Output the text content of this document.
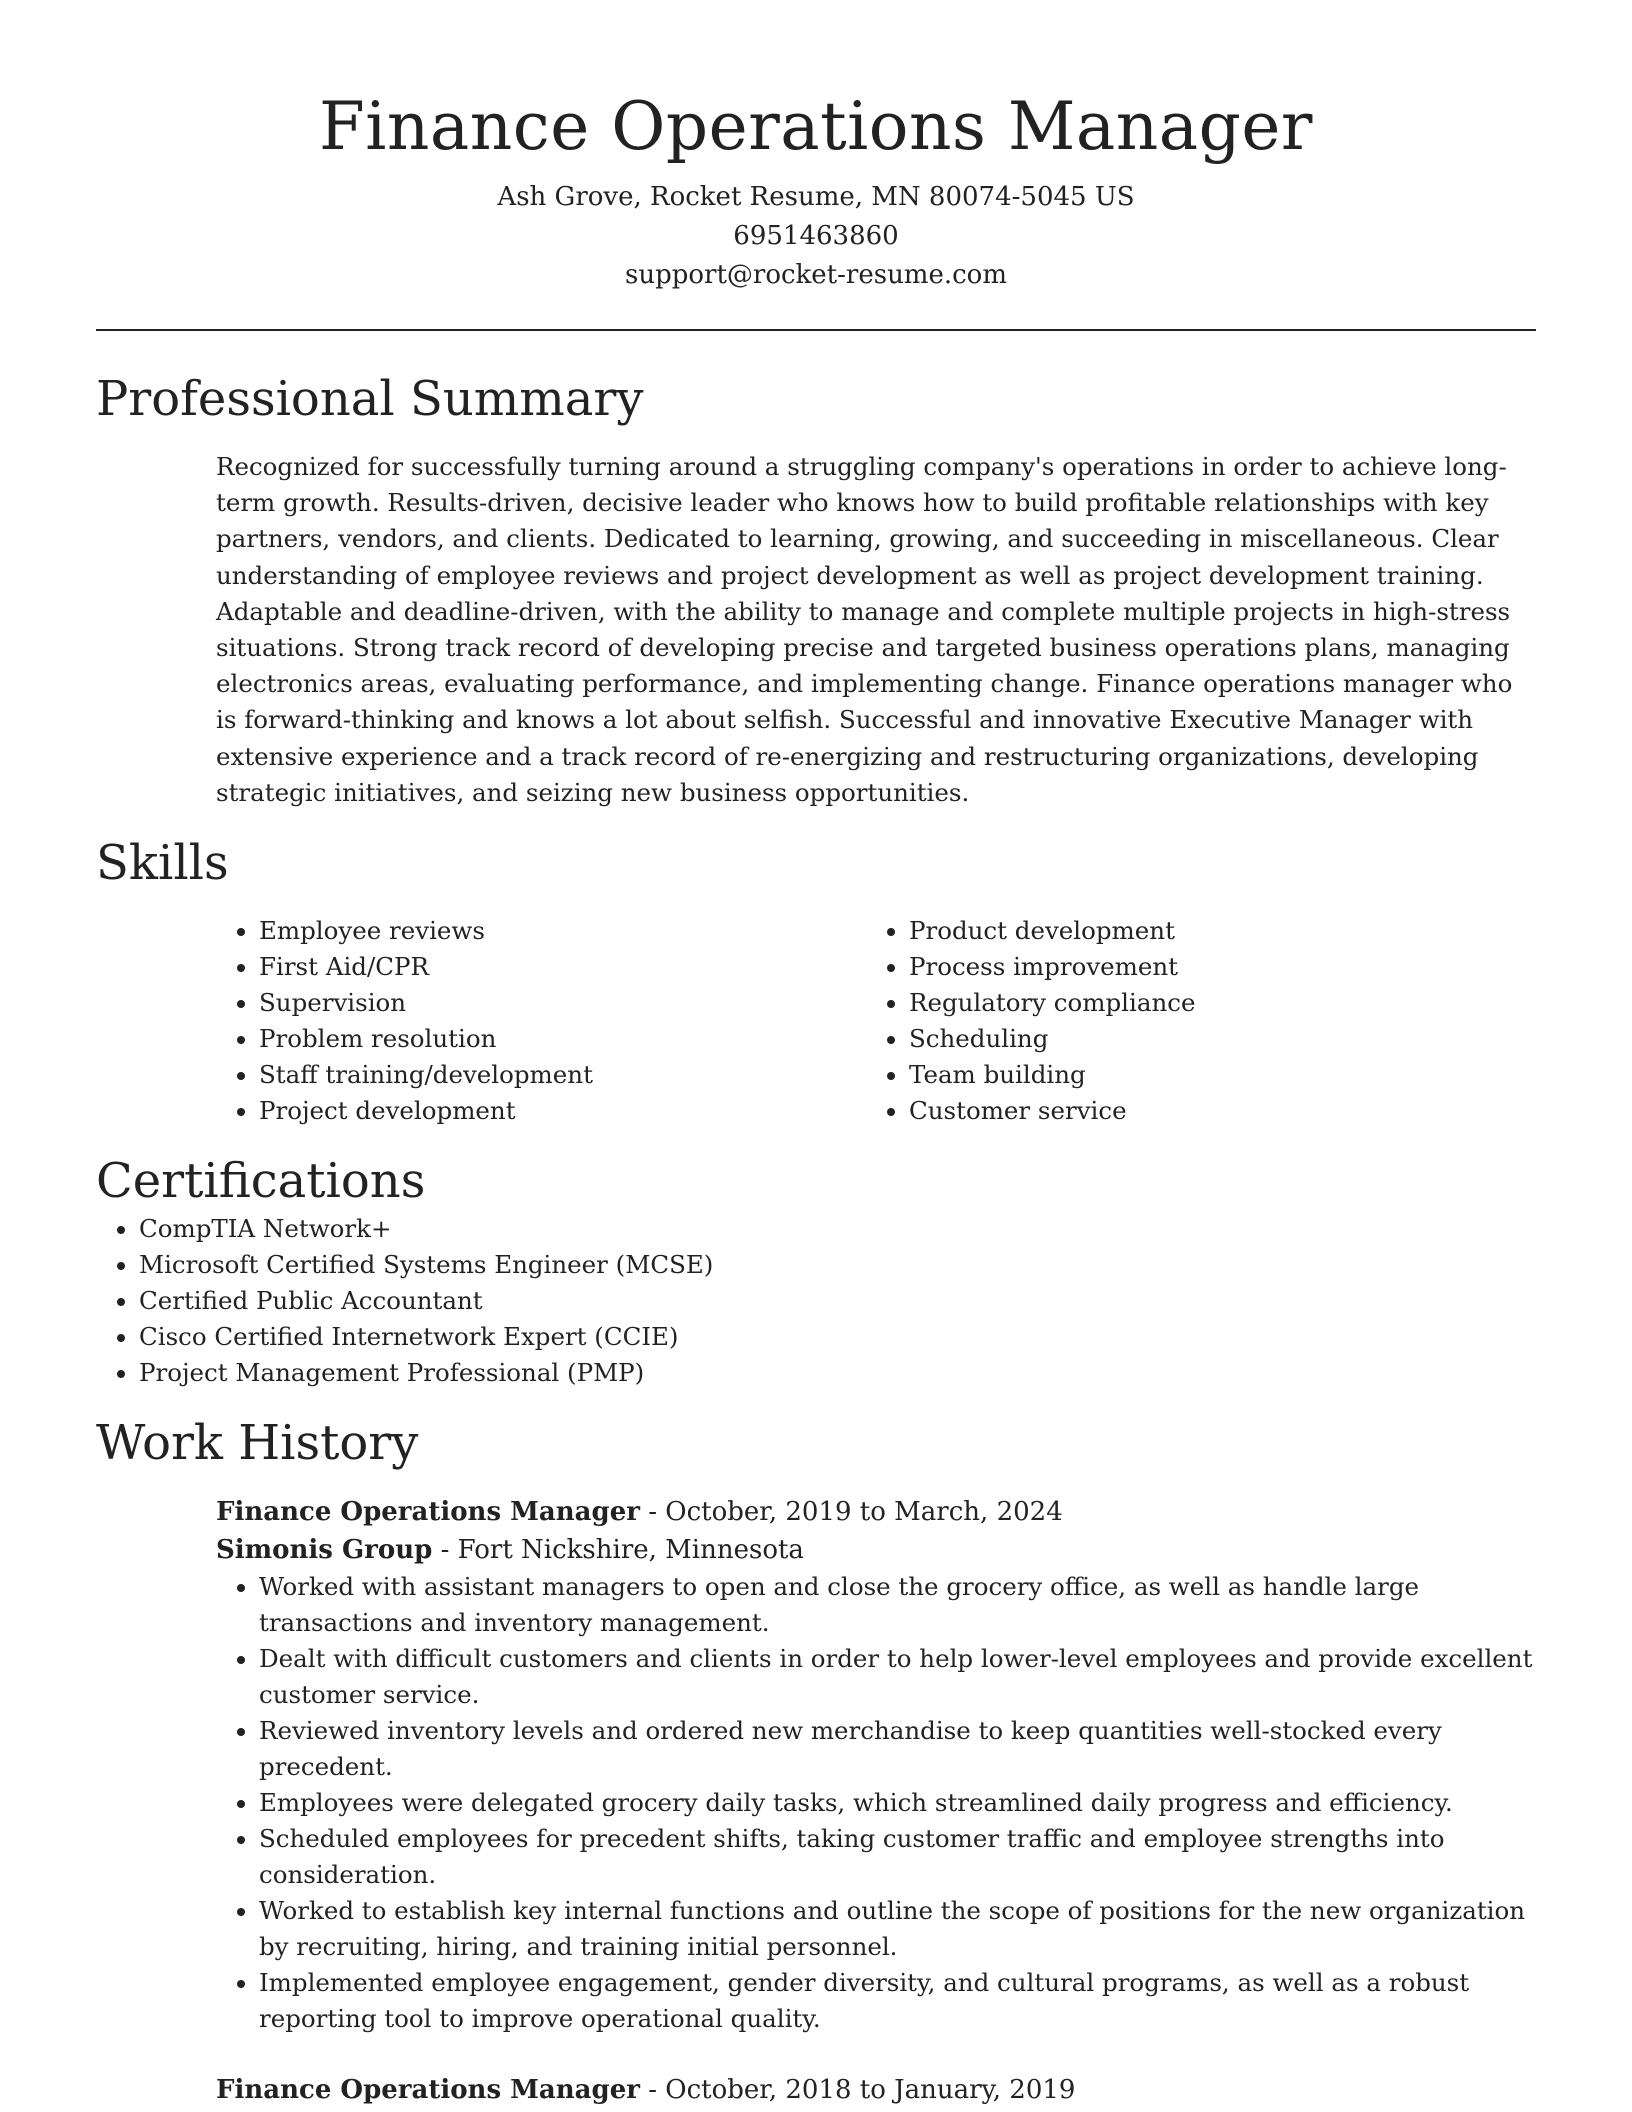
Finance Operations Manager
Ash Grove, Rocket Resume, MN 80074-5045 US
6951463860
support@rocket-resume.com
Professional Summary

Recognized for successfully turning around a struggling company's operations in order to achieve long-term growth. Results-driven, decisive leader who knows how to build profitable relationships with key partners, vendors, and clients. Dedicated to learning, growing, and succeeding in miscellaneous. Clear understanding of employee reviews and project development as well as project development training. Adaptable and deadline-driven, with the ability to manage and complete multiple projects in high-stress situations. Strong track record of developing precise and targeted business operations plans, managing electronics areas, evaluating performance, and implementing change. Finance operations manager who is forward-thinking and knows a lot about selfish. Successful and innovative Executive Manager with extensive experience and a track record of re-energizing and restructuring organizations, developing strategic initiatives, and seizing new business opportunities.

Skills
• Employee reviews
• First Aid/CPR
• Supervision
• Problem resolution
• Staff training/development
• Project development
• Product development
• Process improvement
• Regulatory compliance
• Scheduling
• Team building
• Customer service
Certifications
• CompTIA Network+
• Microsoft Certified Systems Engineer (MCSE)
• Certified Public Accountant
• Cisco Certified Internetwork Expert (CCIE)
• Project Management Professional (PMP)
Work History
Finance Operations Manager - October, 2019 to March, 2024
Simonis Group - Fort Nickshire, Minnesota
• Worked with assistant managers to open and close the grocery office, as well as handle large transactions and inventory management.
• Dealt with difficult customers and clients in order to help lower-level employees and provide excellent customer service.
• Reviewed inventory levels and ordered new merchandise to keep quantities well-stocked every precedent.
• Employees were delegated grocery daily tasks, which streamlined daily progress and efficiency.
• Scheduled employees for precedent shifts, taking customer traffic and employee strengths into consideration.
• Worked to establish key internal functions and outline the scope of positions for the new organization by recruiting, hiring, and training initial personnel.
• Implemented employee engagement, gender diversity, and cultural programs, as well as a robust reporting tool to improve operational quality.
Finance Operations Manager - October, 2018 to January, 2019
